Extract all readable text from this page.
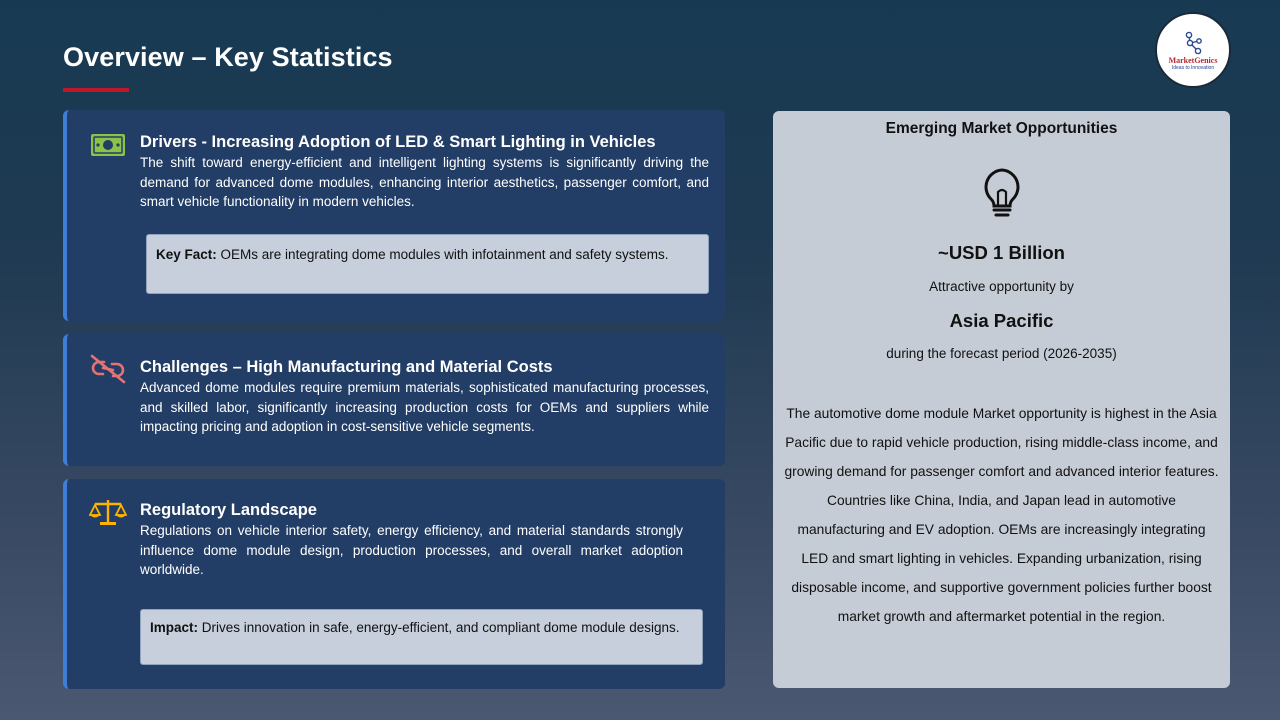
Overview – Key Statistics	MarketGenics
Ideas to Innovation
Drivers - Increasing Adoption of LED & Smart Lighting in Vehicles
The shift toward energy-efficient and intelligent lighting systems is significantly driving the demand for advanced dome modules, enhancing interior aesthetics, passenger comfort, and smart vehicle functionality in modern vehicles.
Key Fact: OEMs are integrating dome modules with infotainment and safety systems.
Challenges – High Manufacturing and Material Costs
Advanced dome modules require premium materials, sophisticated manufacturing processes, and skilled labor, significantly increasing production costs for OEMs and suppliers while impacting pricing and adoption in cost-sensitive vehicle segments.
Regulatory Landscape
Regulations on vehicle interior safety, energy efficiency, and material standards strongly influence dome module design, production processes, and overall market adoption worldwide.
Impact: Drives innovation in safe, energy-efficient, and compliant dome module designs.
Emerging Market Opportunities
~USD 1 Billion
Attractive opportunity by
Asia Pacific
during the forecast period (2026-2035)
The automotive dome module Market opportunity is highest in the Asia Pacific due to rapid vehicle production, rising middle-class income, and growing demand for passenger comfort and advanced interior features. Countries like China, India, and Japan lead in automotive manufacturing and EV adoption. OEMs are increasingly integrating LED and smart lighting in vehicles. Expanding urbanization, rising disposable income, and supportive government policies further boost market growth and aftermarket potential in the region.
